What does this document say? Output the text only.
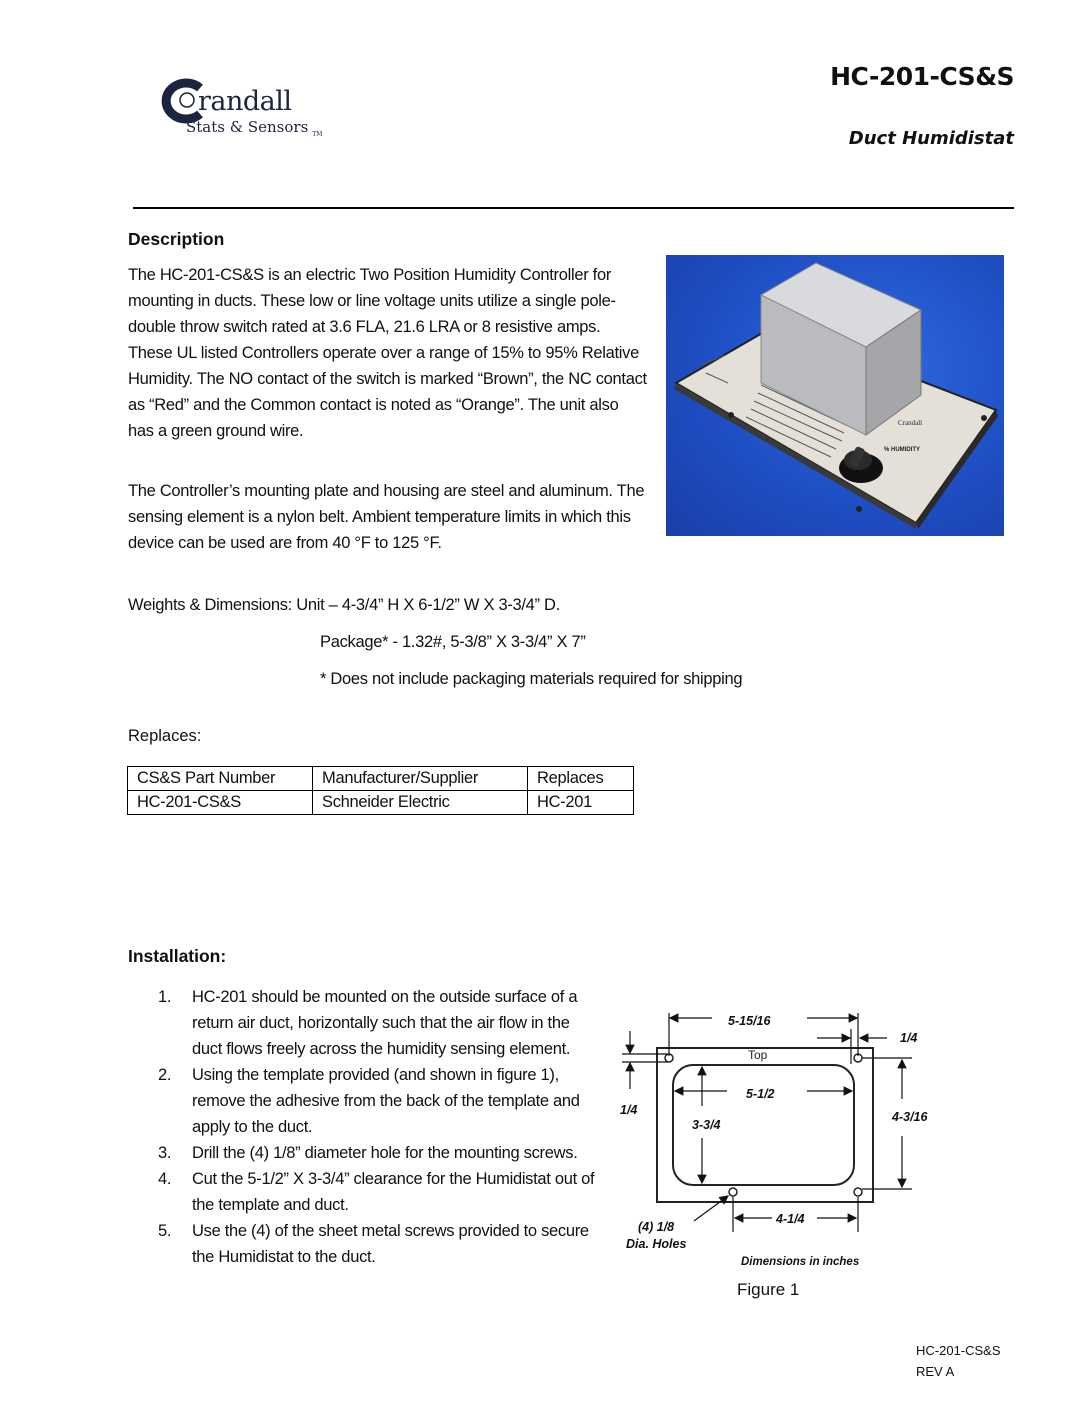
randall
Stats & Sensors $_{TM}$
HC-201-CS&S
Duct Humidistat
Description
The HC-201-CS&S is an electric Two Position Humidity Controller for mounting in ducts. These low or line voltage units utilize a single pole-double throw switch rated at 3.6 FLA, 21.6 LRA or 8 resistive amps. These UL listed Controllers operate over a range of 15% to 95% Relative Humidity. The NO contact of the switch is marked “Brown”, the NC contact as “Red” and the Common contact is noted as “Orange”. The unit also has a green ground wire.
The Controller’s mounting plate and housing are steel and aluminum. The sensing element is a nylon belt. Ambient temperature limits in which this device can be used are from 40 °F to 125 °F.
Weights & Dimensions: Unit – 4-3/4” H X 6-1/2” W X 3-3/4” D.
Package* - 1.32#, 5-3/8” X 3-3/4” X 7”
* Does not include packaging materials required for shipping
Crandall
% HUMIDITY
Replaces:
CS&S Part Number	Manufacturer/Supplier	Replaces
HC-201-CS&S	Schneider Electric	HC-201
Installation:
1. HC-201 should be mounted on the outside surface of a return air duct, horizontally such that the air flow in the duct flows freely across the humidity sensing element.
2. Using the template provided (and shown in figure 1), remove the adhesive from the back of the template and apply to the duct.
3. Drill the (4) 1/8” diameter hole for the mounting screws.
4. Cut the 5-1/2” X 3-3/4” clearance for the Humidistat out of the template and duct.
5. Use the (4) of the sheet metal screws provided to secure the Humidistat to the duct.
Top
5-15/16
1/4
1/4
5-1/2
3-3/4
4-3/16
4-1/4
(4) 1/8
Dia. Holes
Dimensions in inches
Figure 1
HC-201-CS&S
REV A
